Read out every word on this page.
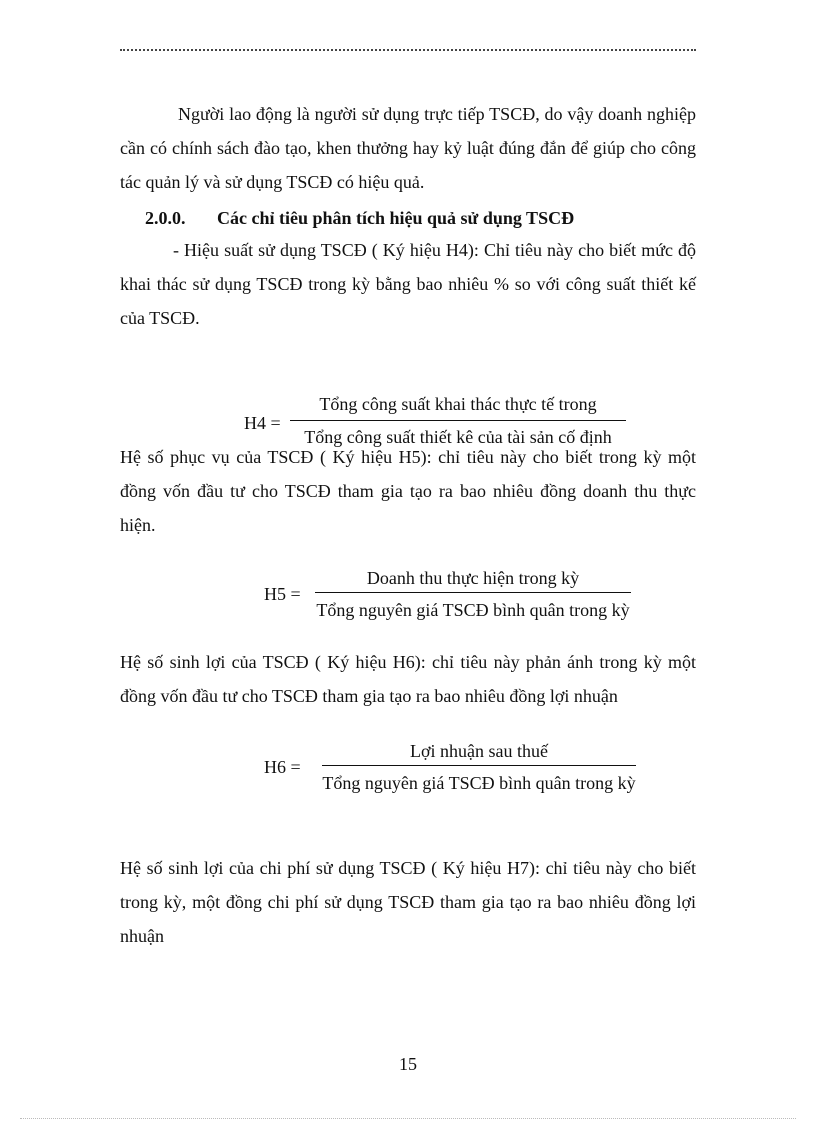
Người lao động là người sử dụng trực tiếp TSCĐ, do vậy doanh nghiệp cần có chính sách đào tạo, khen thưởng hay kỷ luật đúng đắn để giúp cho công tác quản lý và sử dụng TSCĐ có hiệu quả.

2.0.0. Các chỉ tiêu phân tích hiệu quả sử dụng TSCĐ

- Hiệu suất sử dụng TSCĐ ( Ký hiệu H4): Chỉ tiêu này cho biết mức độ khai thác sử dụng TSCĐ trong kỳ bằng bao nhiêu % so với công suất thiết kế của TSCĐ.

H4 =
Tổng công suất khai thác thực tế trong
Tổng công suất thiết kê của tài sản cố định

Hệ số phục vụ của TSCĐ ( Ký hiệu H5): chỉ tiêu này cho biết trong kỳ một đồng vốn đầu tư cho TSCĐ tham gia tạo ra bao nhiêu đồng doanh thu thực hiện.

H5 =
Doanh thu thực hiện trong kỳ
Tổng nguyên giá TSCĐ bình quân trong kỳ

Hệ số sinh lợi của TSCĐ ( Ký hiệu H6): chỉ tiêu này phản ánh trong kỳ một đồng vốn đầu tư cho TSCĐ tham gia tạo ra bao nhiêu đồng lợi nhuận

H6 =
Lợi nhuận sau thuế
Tổng nguyên giá TSCĐ bình quân trong kỳ

Hệ số sinh lợi của chi phí sử dụng TSCĐ ( Ký hiệu H7): chỉ tiêu này cho biết trong kỳ, một đồng chi phí sử dụng TSCĐ tham gia tạo ra bao nhiêu đồng lợi nhuận

15
